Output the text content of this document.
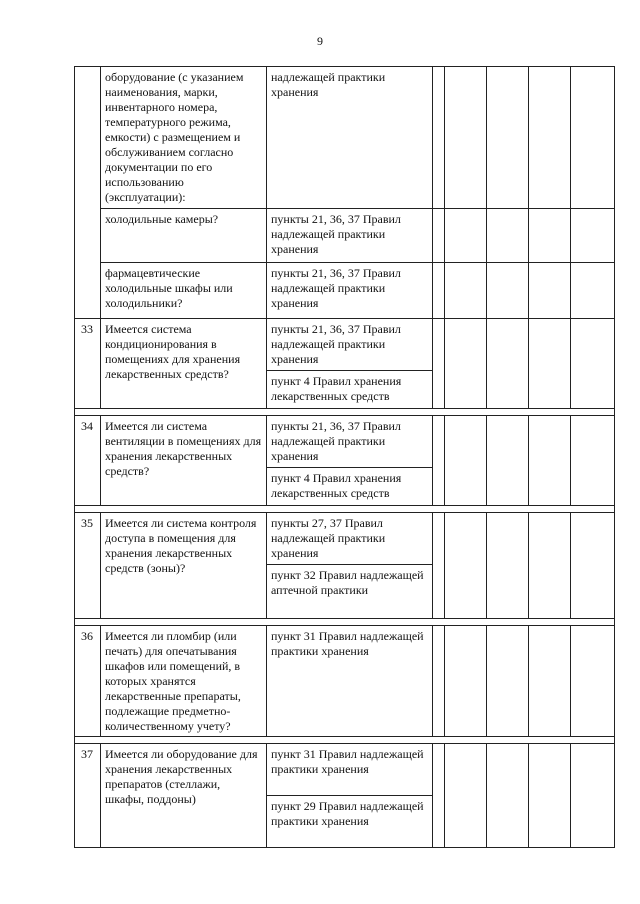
9
	оборудование (с указанием наименования, марки, инвентарного номера, температурного режима, емкости) с размещением и обслуживанием согласно документации по его использованию (эксплуатации):	надлежащей практики хранения					
	холодильные камеры?	пункты 21, 36, 37 Правил надлежащей практики хранения					
	фармацевтические холодильные шкафы или холодильники?	пункты 21, 36, 37 Правил надлежащей практики хранения					
33	Имеется система кондиционирования в помещениях для хранения лекарственных средств?	пункты 21, 36, 37 Правил надлежащей практики хранения					
		пункт 4 Правил хранения лекарственных средств					

34	Имеется ли система вентиляции в помещениях для хранения лекарственных средств?	пункты 21, 36, 37 Правил надлежащей практики хранения					
		пункт 4 Правил хранения лекарственных средств					

35	Имеется ли система контроля доступа в помещения для хранения лекарственных средств (зоны)?	пункты 27, 37 Правил надлежащей практики хранения					
		пункт 32 Правил надлежащей аптечной практики					

36	Имеется ли пломбир (или печать) для опечатывания шкафов или помещений, в которых хранятся лекарственные препараты, подлежащие предметно-количественному учету?	пункт 31 Правил надлежащей практики хранения					

37	Имеется ли оборудование для хранения лекарственных препаратов (стеллажи, шкафы, поддоны)	пункт 31 Правил надлежащей практики хранения					
		пункт 29 Правил надлежащей практики хранения					
